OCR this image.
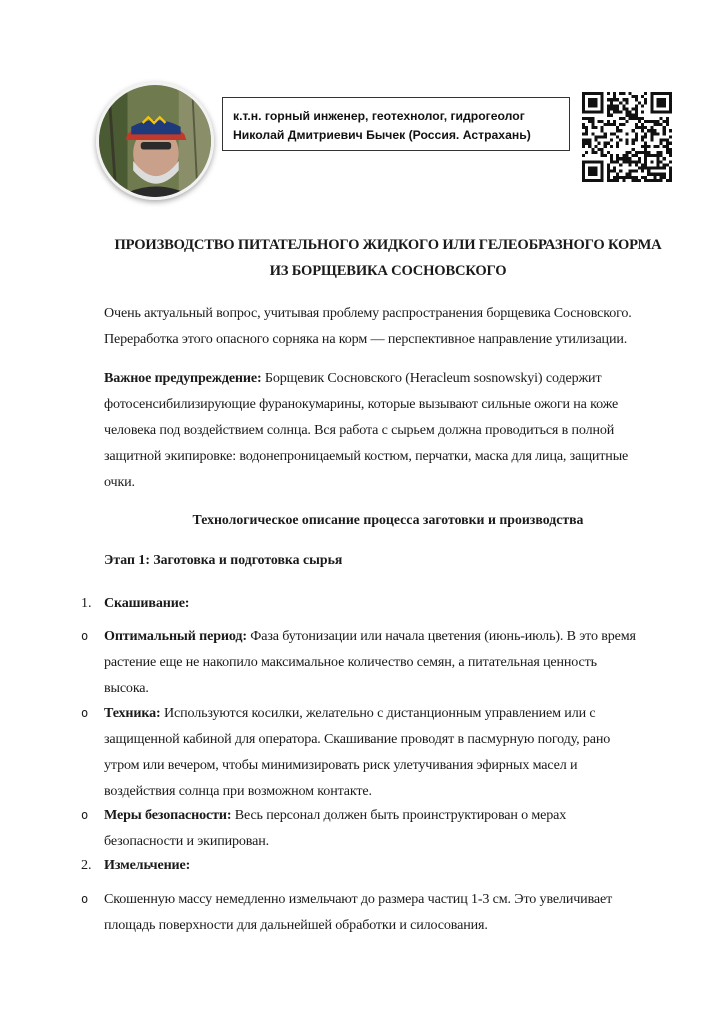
к.т.н. горный инженер, геотехнолог, гидрогеолог
Николай Дмитриевич Бычек (Россия. Астрахань)
ПРОИЗВОДСТВО ПИТАТЕЛЬНОГО ЖИДКОГО ИЛИ ГЕЛЕОБРАЗНОГО КОРМА
ИЗ БОРЩЕВИКА СОСНОВСКОГО
Очень актуальный вопрос, учитывая проблему распространения борщевика Сосновского.
Переработка этого опасного сорняка на корм — перспективное направление утилизации.
Важное предупреждение: Борщевик Сосновского (Heracleum sosnowskyi) содержит
фотосенсибилизирующие фуранокумарины, которые вызывают сильные ожоги на коже
человека под воздействием солнца. Вся работа с сырьем должна проводиться в полной
защитной экипировке: водонепроницаемый костюм, перчатки, маска для лица, защитные
очки.
Технологическое описание процесса заготовки и производства
Этап 1: Заготовка и подготовка сырья
1. Скашивание:
o Оптимальный период: Фаза бутонизации или начала цветения (июнь-июль). В это время
растение еще не накопило максимальное количество семян, а питательная ценность
высока.
o Техника: Используются косилки, желательно с дистанционным управлением или с
защищенной кабиной для оператора. Скашивание проводят в пасмурную погоду, рано
утром или вечером, чтобы минимизировать риск улетучивания эфирных масел и
воздействия солнца при возможном контакте.
o Меры безопасности: Весь персонал должен быть проинструктирован о мерах
безопасности и экипирован.
2. Измельчение:
o Скошенную массу немедленно измельчают до размера частиц 1-3 см. Это увеличивает
площадь поверхности для дальнейшей обработки и силосования.
